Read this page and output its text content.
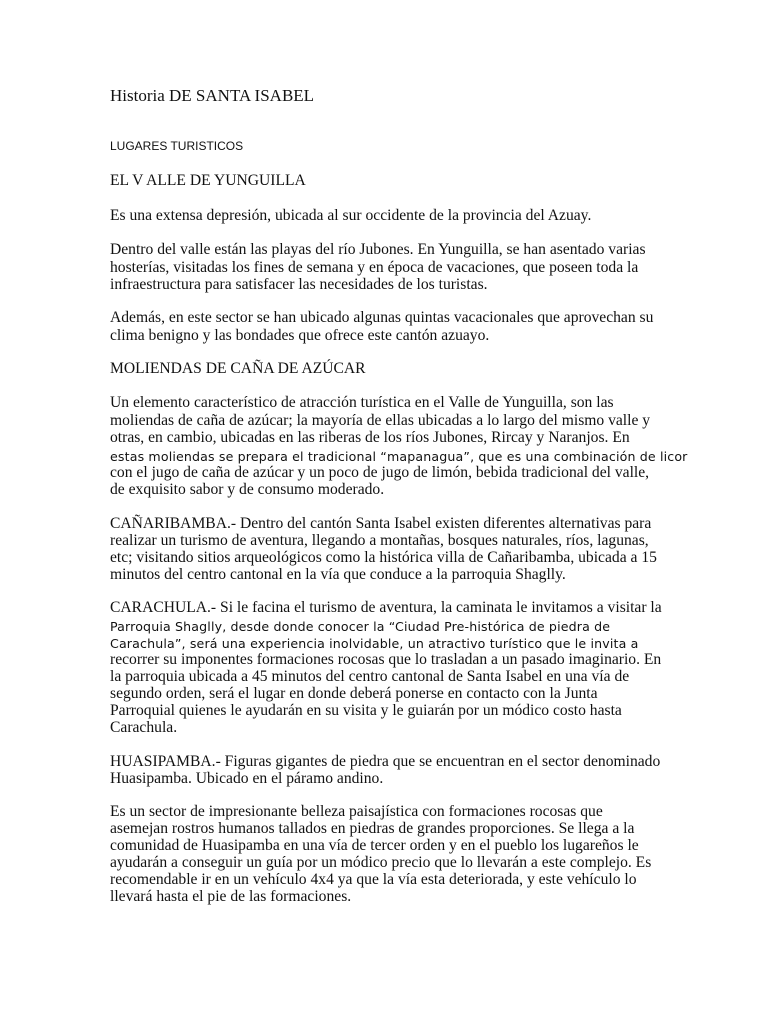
Historia DE SANTA ISABEL
LUGARES TURISTICOS
EL V ALLE DE YUNGUILLA
Es una extensa depresión, ubicada al sur occidente de la provincia del Azuay.
Dentro del valle están las playas del río Jubones. En Yunguilla, se han asentado varias
hosterías, visitadas los fines de semana y en época de vacaciones, que poseen toda la
infraestructura para satisfacer las necesidades de los turistas.
Además, en este sector se han ubicado algunas quintas vacacionales que aprovechan su
clima benigno y las bondades que ofrece este cantón azuayo.
MOLIENDAS DE CAÑA DE AZÚCAR
Un elemento característico de atracción turística en el Valle de Yunguilla, son las
moliendas de caña de azúcar; la mayoría de ellas ubicadas a lo largo del mismo valle y
otras, en cambio, ubicadas en las riberas de los ríos Jubones, Rircay y Naranjos. En
estas moliendas se prepara el tradicional “mapanagua”, que es una combinación de licor
con el jugo de caña de azúcar y un poco de jugo de limón, bebida tradicional del valle,
de exquisito sabor y de consumo moderado.
CAÑARIBAMBA.- Dentro del cantón Santa Isabel existen diferentes alternativas para
realizar un turismo de aventura, llegando a montañas, bosques naturales, ríos, lagunas,
etc; visitando sitios arqueológicos como la histórica villa de Cañaribamba, ubicada a 15
minutos del centro cantonal en la vía que conduce a la parroquia Shaglly.
CARACHULA.- Si le facina el turismo de aventura, la caminata le invitamos a visitar la
Parroquia Shaglly, desde donde conocer la “Ciudad Pre-histórica de piedra de
Carachula”, será una experiencia inolvidable, un atractivo turístico que le invita a
recorrer su imponentes formaciones rocosas que lo trasladan a un pasado imaginario. En
la parroquia ubicada a 45 minutos del centro cantonal de Santa Isabel en una vía de
segundo orden, será el lugar en donde deberá ponerse en contacto con la Junta
Parroquial quienes le ayudarán en su visita y le guiarán por un módico costo hasta
Carachula.
HUASIPAMBA.- Figuras gigantes de piedra que se encuentran en el sector denominado
Huasipamba. Ubicado en el páramo andino.
Es un sector de impresionante belleza paisajística con formaciones rocosas que
asemejan rostros humanos tallados en piedras de grandes proporciones. Se llega a la
comunidad de Huasipamba en una vía de tercer orden y en el pueblo los lugareños le
ayudarán a conseguir un guía por un módico precio que lo llevarán a este complejo. Es
recomendable ir en un vehículo 4x4 ya que la vía esta deteriorada, y este vehículo lo
llevará hasta el pie de las formaciones.
